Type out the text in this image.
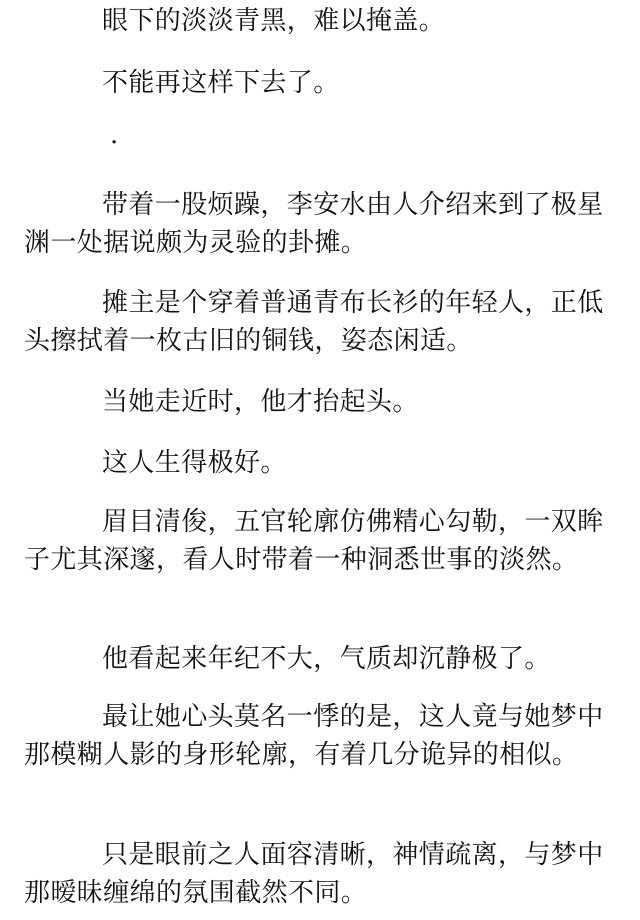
眼下的淡淡青黑，难以掩盖。

不能再这样下去了。

·

带着一股烦躁，李安水由人介绍来到了极星渊一处据说颇为灵验的卦摊。

摊主是个穿着普通青布长衫的年轻人，正低头擦拭着一枚古旧的铜钱，姿态闲适。

当她走近时，他才抬起头。

这人生得极好。

眉目清俊，五官轮廓仿佛精心勾勒，一双眸子尤其深邃，看人时带着一种洞悉世事的淡然。

他看起来年纪不大，气质却沉静极了。

最让她心头莫名一悸的是，这人竟与她梦中那模糊人影的身形轮廓，有着几分诡异的相似。

只是眼前之人面容清晰，神情疏离，与梦中那暧昧缠绵的氛围截然不同。
